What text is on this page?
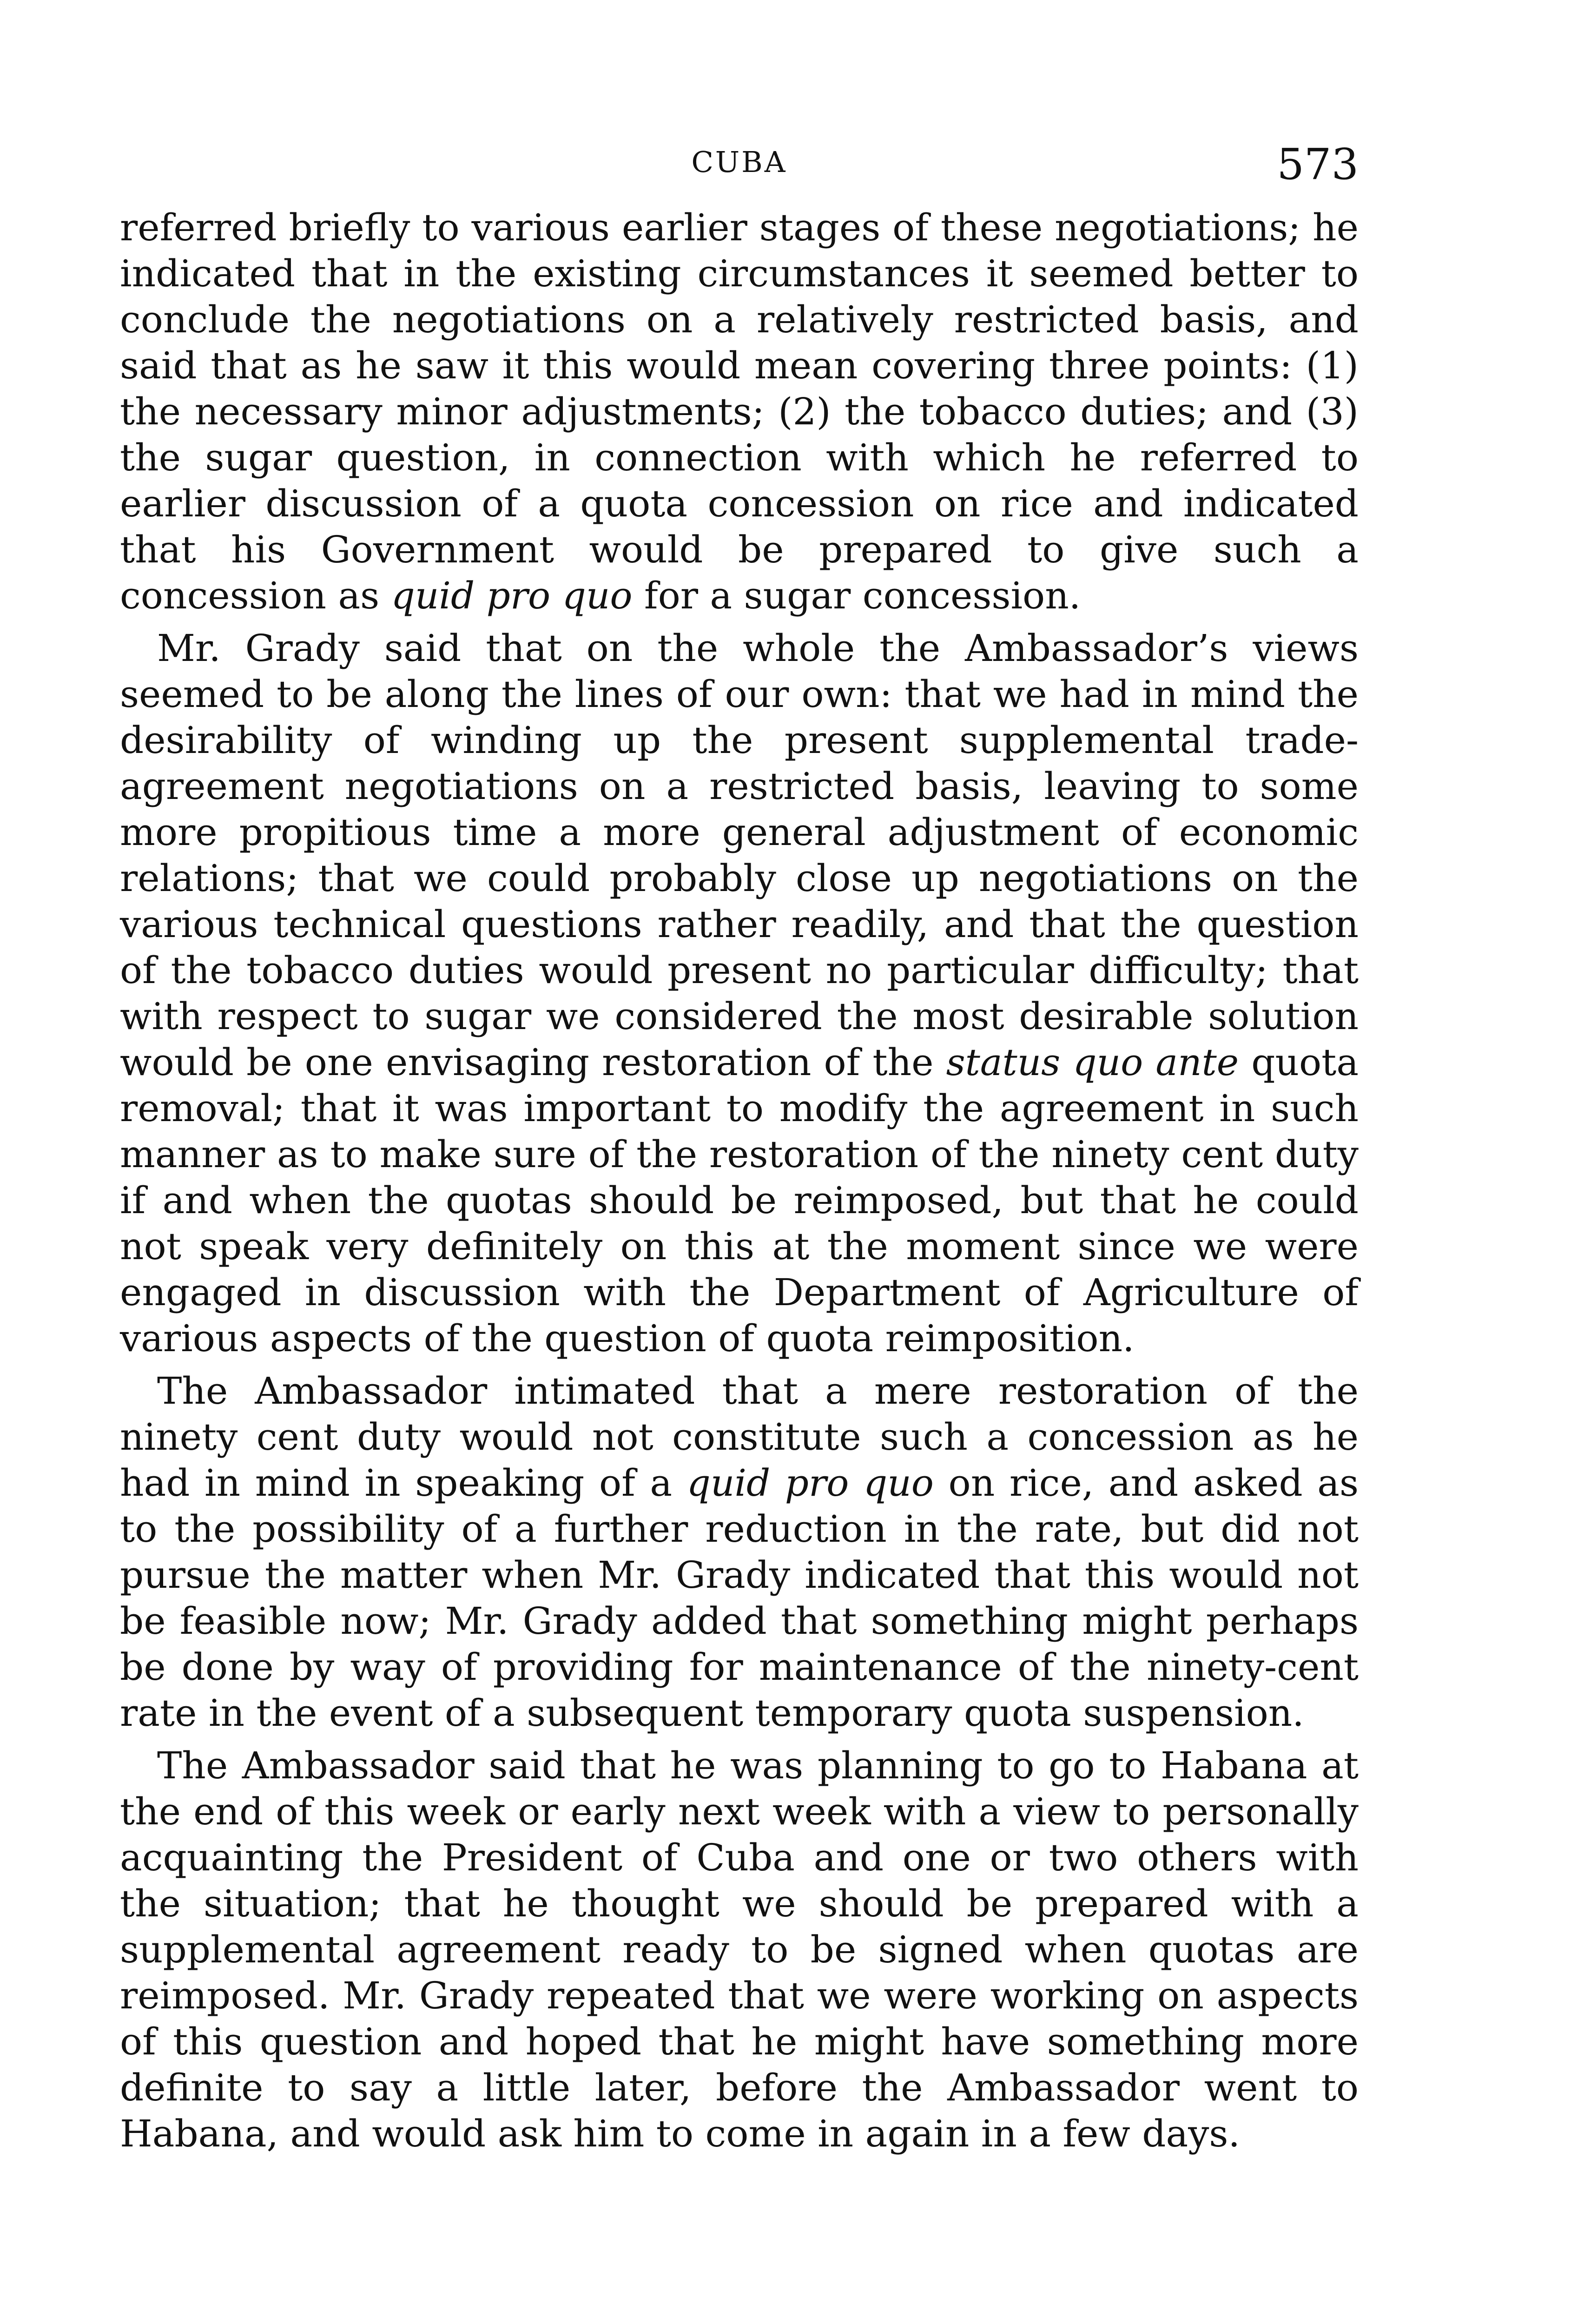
CUBA	573

referred briefly to various earlier stages of these negotiations; he indicated that in the existing circumstances it seemed better to conclude the negotiations on a relatively restricted basis, and said that as he saw it this would mean covering three points: (1) the necessary minor adjustments; (2) the tobacco duties; and (3) the sugar question, in connection with which he referred to earlier discussion of a quota concession on rice and indicated that his Government would be prepared to give such a concession as quid pro quo for a sugar concession.

Mr. Grady said that on the whole the Ambassador’s views seemed to be along the lines of our own: that we had in mind the desirability of winding up the present supplemental trade-agreement negotiations on a restricted basis, leaving to some more propitious time a more general adjustment of economic relations; that we could probably close up negotiations on the various technical questions rather readily, and that the question of the tobacco duties would present no particular difficulty; that with respect to sugar we considered the most desirable solution would be one envisaging restoration of the status quo ante quota removal; that it was important to modify the agreement in such manner as to make sure of the restoration of the ninety cent duty if and when the quotas should be reimposed, but that he could not speak very definitely on this at the moment since we were engaged in discussion with the Department of Agriculture of various aspects of the question of quota reimposition.

The Ambassador intimated that a mere restoration of the ninety cent duty would not constitute such a concession as he had in mind in speaking of a quid pro quo on rice, and asked as to the possibility of a further reduction in the rate, but did not pursue the matter when Mr. Grady indicated that this would not be feasible now; Mr. Grady added that something might perhaps be done by way of providing for maintenance of the ninety-cent rate in the event of a subsequent temporary quota suspension.

The Ambassador said that he was planning to go to Habana at the end of this week or early next week with a view to personally acquainting the President of Cuba and one or two others with the situation; that he thought we should be prepared with a supplemental agreement ready to be signed when quotas are reimposed. Mr. Grady repeated that we were working on aspects of this question and hoped that he might have something more definite to say a little later, before the Ambassador went to Habana, and would ask him to come in again in a few days.
